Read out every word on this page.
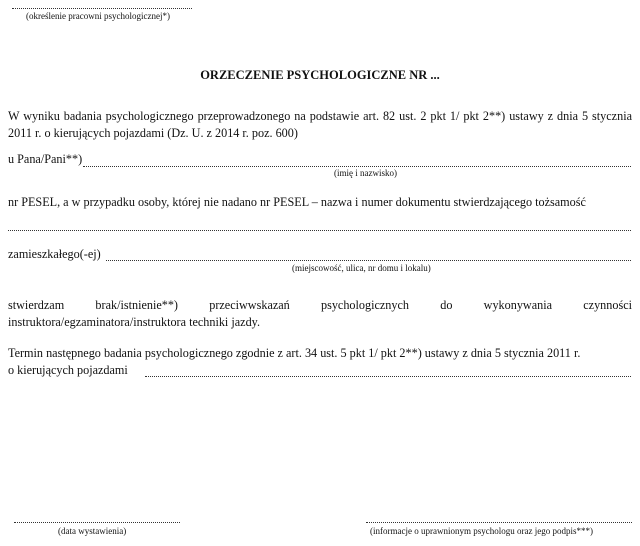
(określenie pracowni psychologicznej*)
ORZECZENIE PSYCHOLOGICZNE NR ...
W wyniku badania psychologicznego przeprowadzonego na podstawie art. 82 ust. 2 pkt 1/ pkt 2**) ustawy z dnia 5 stycznia 2011 r. o kierujących pojazdami (Dz. U. z 2014 r. poz. 600)
u Pana/Pani**)
(imię i nazwisko)
nr PESEL, a w przypadku osoby, której nie nadano nr PESEL – nazwa i numer dokumentu stwierdzającego tożsamość
zamieszkałego(-ej)
(miejscowość, ulica, nr domu i lokalu)
stwierdzam brak/istnienie**) przeciwwskazań psychologicznych do wykonywania czynności instruktora/egzaminatora/instruktora techniki jazdy.
Termin następnego badania psychologicznego zgodnie z art. 34 ust. 5 pkt 1/ pkt 2**) ustawy z dnia 5 stycznia 2011 r.
o kierujących pojazdami
(data wystawienia)	(informacje o uprawnionym psychologu oraz jego podpis***)
